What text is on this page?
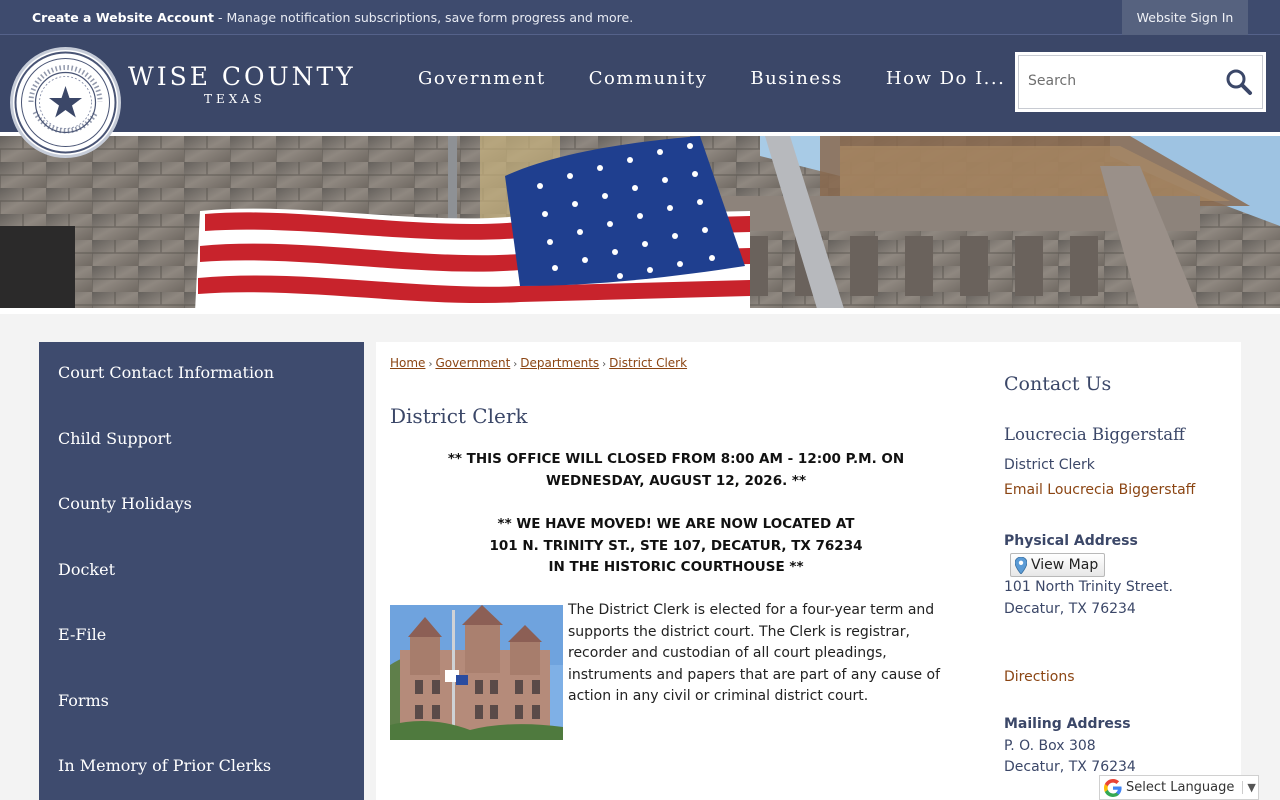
Create a Website Account - Manage notification subscriptions, save form progress and more.	Website Sign In
WISE COUNTY
TEXAS
Government Community Business How Do I...
Search
Court Contact Information
Child Support
County Holidays
Docket
E-File
Forms
In Memory of Prior Clerks
Home › Government › Departments › District Clerk
District Clerk
** THIS OFFICE WILL CLOSED FROM 8:00 AM - 12:00 P.M. ON
WEDNESDAY, AUGUST 12, 2026. **
** WE HAVE MOVED! WE ARE NOW LOCATED AT
101 N. TRINITY ST., STE 107, DECATUR, TX 76234
IN THE HISTORIC COURTHOUSE **
The District Clerk is elected for a four-year term and supports the district court. The Clerk is registrar, recorder and custodian of all court pleadings, instruments and papers that are part of any cause of action in any civil or criminal district court.
Contact Us
Loucrecia Biggerstaff
District Clerk
Email Loucrecia Biggerstaff
Physical Address
View Map
101 North Trinity Street.
Decatur, TX 76234
Directions
Mailing Address
P. O. Box 308
Decatur, TX 76234
Select Language	▼
